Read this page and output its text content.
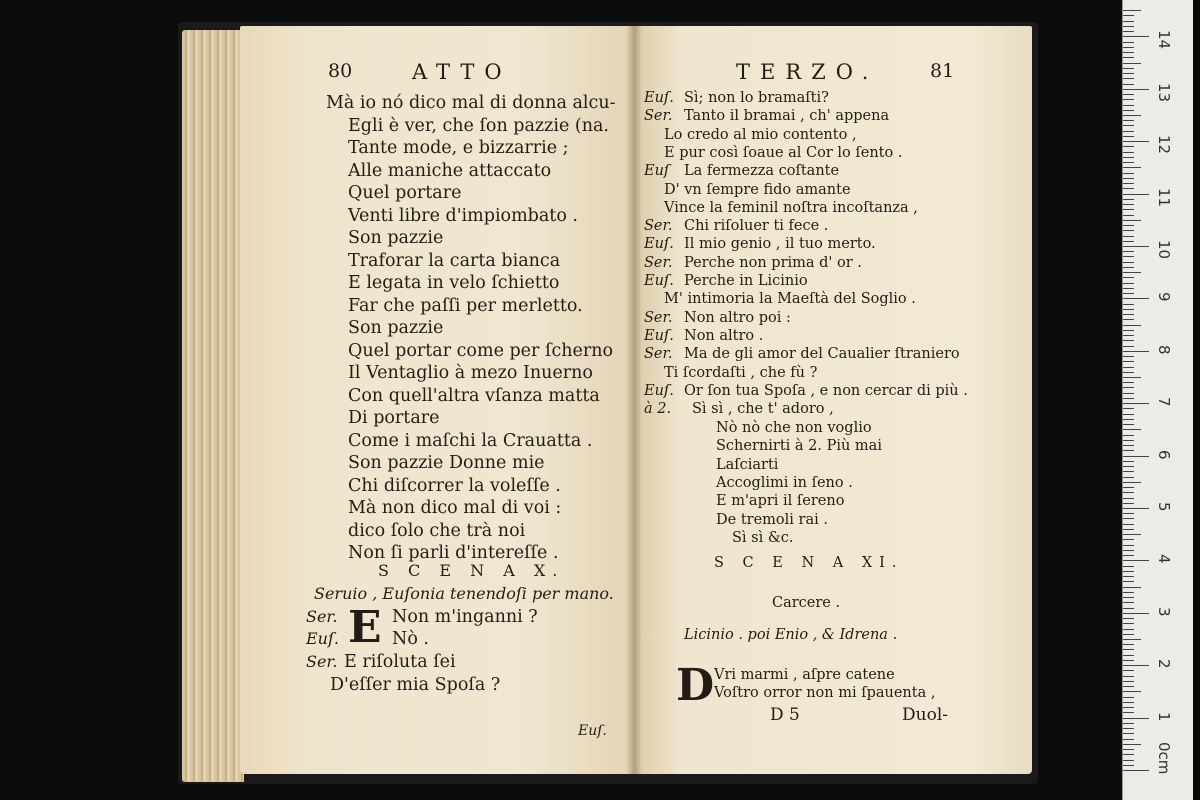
80	ATTO
Mà io nó dico mal di donna alcu-
Egli è ver, che ſon pazzie (na.
Tante mode, e bizzarrie ;
Alle maniche attaccato
Quel portare
Venti libre d'impiombato .
Son pazzie
Traforar la carta bianca
E legata in velo ſchietto
Far che paſſi per merletto.
Son pazzie
Quel portar come per ſcherno
Il Ventaglio à mezo Inuerno
Con quell'altra vſanza matta
Di portare
Come i maſchi la Crauatta .
Son pazzie Donne mie
Chi diſcorrer la voleſſe .
Mà non dico mal di voi :
dico ſolo che trà noi
Non ſi parli d'intereſſe .
S C E N A X.
Seruio , Euſonia tenendoſi per mano.
E
Ser.	Non m'inganni ?
Euſ.	Nò .
Ser. E riſoluta ſei
D'eſſer mia Spoſa ?
Euſ.
TERZO.	81
Euſ. Sì; non lo bramaſti?
Ser. Tanto il bramai , ch' appena
Lo credo al mio contento ,
E pur così ſoaue al Cor lo ſento .
Euſ La fermezza coſtante
D' vn ſempre fido amante
Vince la feminil noſtra incoſtanza ,
Ser. Chi riſoluer ti fece .
Euſ. Il mio genio , il tuo merto.
Ser. Perche non prima d' or .
Euſ. Perche in Licinio
M' intimoria la Maeſtà del Soglio .
Ser. Non altro poi :
Euſ. Non altro .
Ser. Ma de gli amor del Caualier ſtraniero
Ti ſcordaſti , che fù ?
Euſ. Or ſon tua Spoſa , e non cercar di più .
à 2. Sì sì , che t' adoro ,
Nò nò che non voglio
Schernirti à 2. Più mai
Laſciarti
Accoglimi in ſeno .
E m'apri il ſereno
De tremoli rai .
Sì sì &c.
S C E N A XI.
Carcere .
Licinio . poi Enio , & Idrena .
D Vri marmi , aſpre catene
Voſtro orror non mi ſpauenta ,
D 5	Duol-
0cm
1
2
3
4
5
6
7
8
9
10
11
12
13
14
